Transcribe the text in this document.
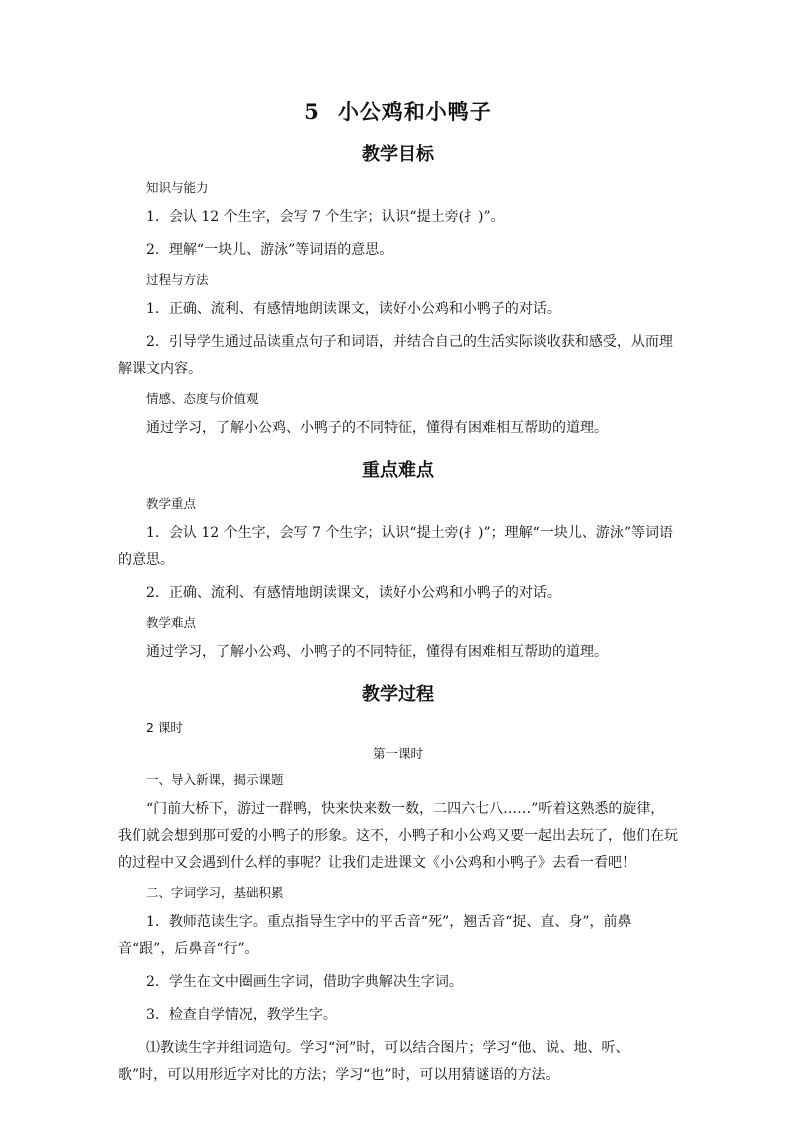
5 小公鸡和小鸭子
教学目标
知识与能力

1．会认 12 个生字，会写 7 个生字；认识“提土旁(扌)”。

2．理解“一块儿、游泳”等词语的意思。

过程与方法

1．正确、流利、有感情地朗读课文，读好小公鸡和小鸭子的对话。

2．引导学生通过品读重点句子和词语，并结合自己的生活实际谈收获和感受，从而理解课文内容。

情感、态度与价值观

通过学习，了解小公鸡、小鸭子的不同特征，懂得有困难相互帮助的道理。

重点难点
教学重点

1．会认 12 个生字，会写 7 个生字；认识“提土旁(扌)”；理解“一块儿、游泳”等词语的意思。

2．正确、流利、有感情地朗读课文，读好小公鸡和小鸭子的对话。

教学难点

通过学习，了解小公鸡、小鸭子的不同特征，懂得有困难相互帮助的道理。

教学过程
2 课时
第一课时
一、导入新课，揭示课题

“门前大桥下，游过一群鸭，快来快来数一数，二四六七八……”听着这熟悉的旋律，我们就会想到那可爱的小鸭子的形象。这不，小鸭子和小公鸡又要一起出去玩了，他们在玩的过程中又会遇到什么样的事呢？让我们走进课文《小公鸡和小鸭子》去看一看吧！

二、字词学习，基础积累

1．教师范读生字。重点指导生字中的平舌音“死”，翘舌音“捉、直、身”，前鼻音“跟”，后鼻音“行”。

2．学生在文中圈画生字词，借助字典解决生字词。

3．检查自学情况，教学生字。

⑴教读生字并组词造句。学习“河”时，可以结合图片；学习“他、说、地、听、歌”时，可以用形近字对比的方法；学习“也”时，可以用猜谜语的方法。
